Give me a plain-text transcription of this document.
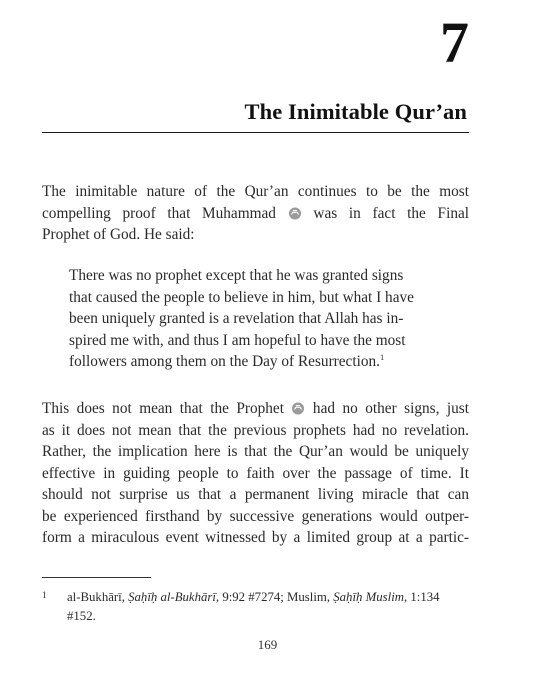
7
The Inimitable Qur’an

The inimitable nature of the Qur’an continues to be the most
compelling proof that Muhammad was in fact the Final
Prophet of God. He said:

There was no prophet except that he was granted signs
that caused the people to believe in him, but what I have
been uniquely granted is a revelation that Allah has in-
spired me with, and thus I am hopeful to have the most
followers among them on the Day of Resurrection.$^1$

This does not mean that the Prophet had no other signs, just
as it does not mean that the previous prophets had no revelation.
Rather, the implication here is that the Qur’an would be uniquely
effective in guiding people to faith over the passage of time. It
should not surprise us that a permanent living miracle that can
be experienced firsthand by successive generations would outper-
form a miraculous event witnessed by a limited group at a partic-

1 al-Bukhārī, Ṣaḥīḥ al-Bukhārī, 9:92 #7274; Muslim, Ṣaḥīḥ Muslim, 1:134
#152.
169
